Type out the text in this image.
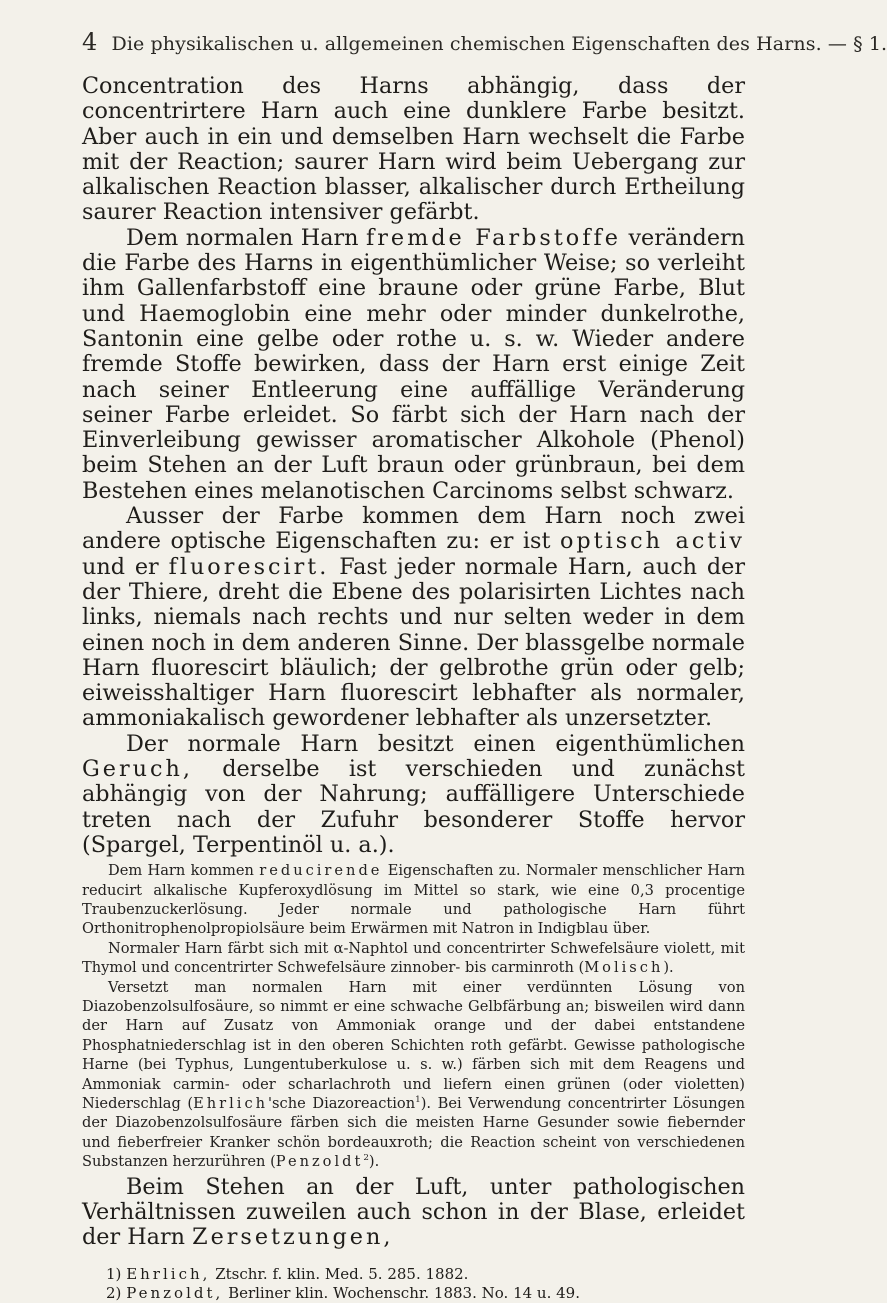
4 Die physikalischen u. allgemeinen chemischen Eigenschaften des Harns. — § 1.

Concentration des Harns abhängig, dass der concentrirtere Harn auch eine dunklere Farbe besitzt. Aber auch in ein und demselben Harn wechselt die Farbe mit der Reaction; saurer Harn wird beim Uebergang zur alkalischen Reaction blasser, alkalischer durch Ertheilung saurer Reaction intensiver gefärbt.

Dem normalen Harn fremde Farbstoffe verändern die Farbe des Harns in eigenthümlicher Weise; so verleiht ihm Gallenfarbstoff eine braune oder grüne Farbe, Blut und Haemoglobin eine mehr oder minder dunkelrothe, Santonin eine gelbe oder rothe u. s. w. Wieder andere fremde Stoffe bewirken, dass der Harn erst einige Zeit nach seiner Entleerung eine auffällige Veränderung seiner Farbe erleidet. So färbt sich der Harn nach der Einverleibung gewisser aromatischer Alkohole (Phenol) beim Stehen an der Luft braun oder grünbraun, bei dem Bestehen eines melanotischen Carcinoms selbst schwarz.

Ausser der Farbe kommen dem Harn noch zwei andere optische Eigenschaften zu: er ist optisch activ und er fluorescirt. Fast jeder normale Harn, auch der der Thiere, dreht die Ebene des polarisirten Lichtes nach links, niemals nach rechts und nur selten weder in dem einen noch in dem anderen Sinne. Der blassgelbe normale Harn fluorescirt bläulich; der gelbrothe grün oder gelb; eiweisshaltiger Harn fluorescirt lebhafter als normaler, ammoniakalisch gewordener lebhafter als unzersetzter.

Der normale Harn besitzt einen eigenthümlichen Geruch, derselbe ist verschieden und zunächst abhängig von der Nahrung; auffälligere Unterschiede treten nach der Zufuhr besonderer Stoffe hervor (Spargel, Terpentinöl u. a.).

Dem Harn kommen reducirende Eigenschaften zu. Normaler menschlicher Harn reducirt alkalische Kupferoxydlösung im Mittel so stark, wie eine 0,3 procentige Traubenzuckerlösung. Jeder normale und pathologische Harn führt Orthonitrophenolpropiolsäure beim Erwärmen mit Natron in Indigblau über.

Normaler Harn färbt sich mit α-Naphtol und concentrirter Schwefelsäure violett, mit Thymol und concentrirter Schwefelsäure zinnober- bis carminroth (Molisch).

Versetzt man normalen Harn mit einer verdünnten Lösung von Diazobenzolsulfosäure, so nimmt er eine schwache Gelbfärbung an; bisweilen wird dann der Harn auf Zusatz von Ammoniak orange und der dabei entstandene Phosphatniederschlag ist in den oberen Schichten roth gefärbt. Gewisse pathologische Harne (bei Typhus, Lungentuberkulose u. s. w.) färben sich mit dem Reagens und Ammoniak carmin- oder scharlachroth und liefern einen grünen (oder violetten) Niederschlag (Ehrlich'sche Diazoreaction$^1$). Bei Verwendung concentrirter Lösungen der Diazobenzolsulfosäure färben sich die meisten Harne Gesunder sowie fiebernder und fieberfreier Kranker schön bordeauxroth; die Reaction scheint von verschiedenen Substanzen herzurühren (Penzoldt$^2$).

Beim Stehen an der Luft, unter pathologischen Verhältnissen zuweilen auch schon in der Blase, erleidet der Harn Zersetzungen,

1) Ehrlich, Ztschr. f. klin. Med. 5. 285. 1882.
2) Penzoldt, Berliner klin. Wochenschr. 1883. No. 14 u. 49.
